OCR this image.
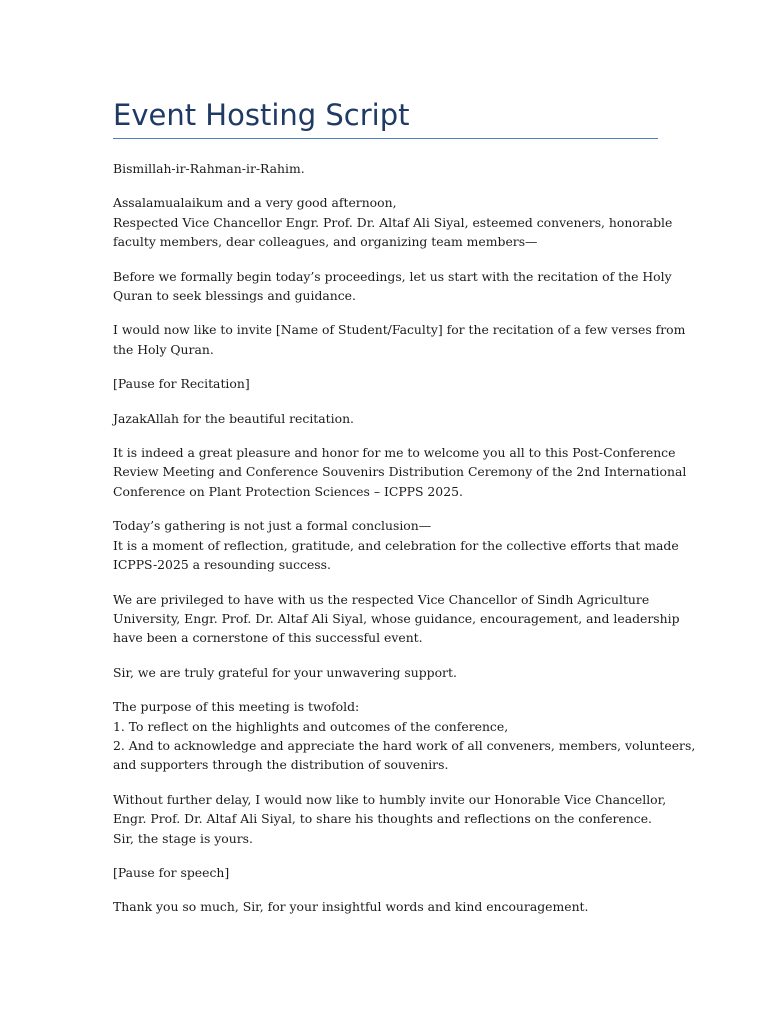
Event Hosting Script

Bismillah-ir-Rahman-ir-Rahim.

Assalamualaikum and a very good afternoon,
Respected Vice Chancellor Engr. Prof. Dr. Altaf Ali Siyal, esteemed conveners, honorable
faculty members, dear colleagues, and organizing team members—

Before we formally begin today’s proceedings, let us start with the recitation of the Holy
Quran to seek blessings and guidance.

I would now like to invite [Name of Student/Faculty] for the recitation of a few verses from
the Holy Quran.

[Pause for Recitation]

JazakAllah for the beautiful recitation.

It is indeed a great pleasure and honor for me to welcome you all to this Post-Conference
Review Meeting and Conference Souvenirs Distribution Ceremony of the 2nd International
Conference on Plant Protection Sciences – ICPPS 2025.

Today’s gathering is not just a formal conclusion—
It is a moment of reflection, gratitude, and celebration for the collective efforts that made
ICPPS-2025 a resounding success.

We are privileged to have with us the respected Vice Chancellor of Sindh Agriculture
University, Engr. Prof. Dr. Altaf Ali Siyal, whose guidance, encouragement, and leadership
have been a cornerstone of this successful event.

Sir, we are truly grateful for your unwavering support.

The purpose of this meeting is twofold:
1. To reflect on the highlights and outcomes of the conference,
2. And to acknowledge and appreciate the hard work of all conveners, members, volunteers,
and supporters through the distribution of souvenirs.

Without further delay, I would now like to humbly invite our Honorable Vice Chancellor,
Engr. Prof. Dr. Altaf Ali Siyal, to share his thoughts and reflections on the conference.
Sir, the stage is yours.

[Pause for speech]

Thank you so much, Sir, for your insightful words and kind encouragement.
